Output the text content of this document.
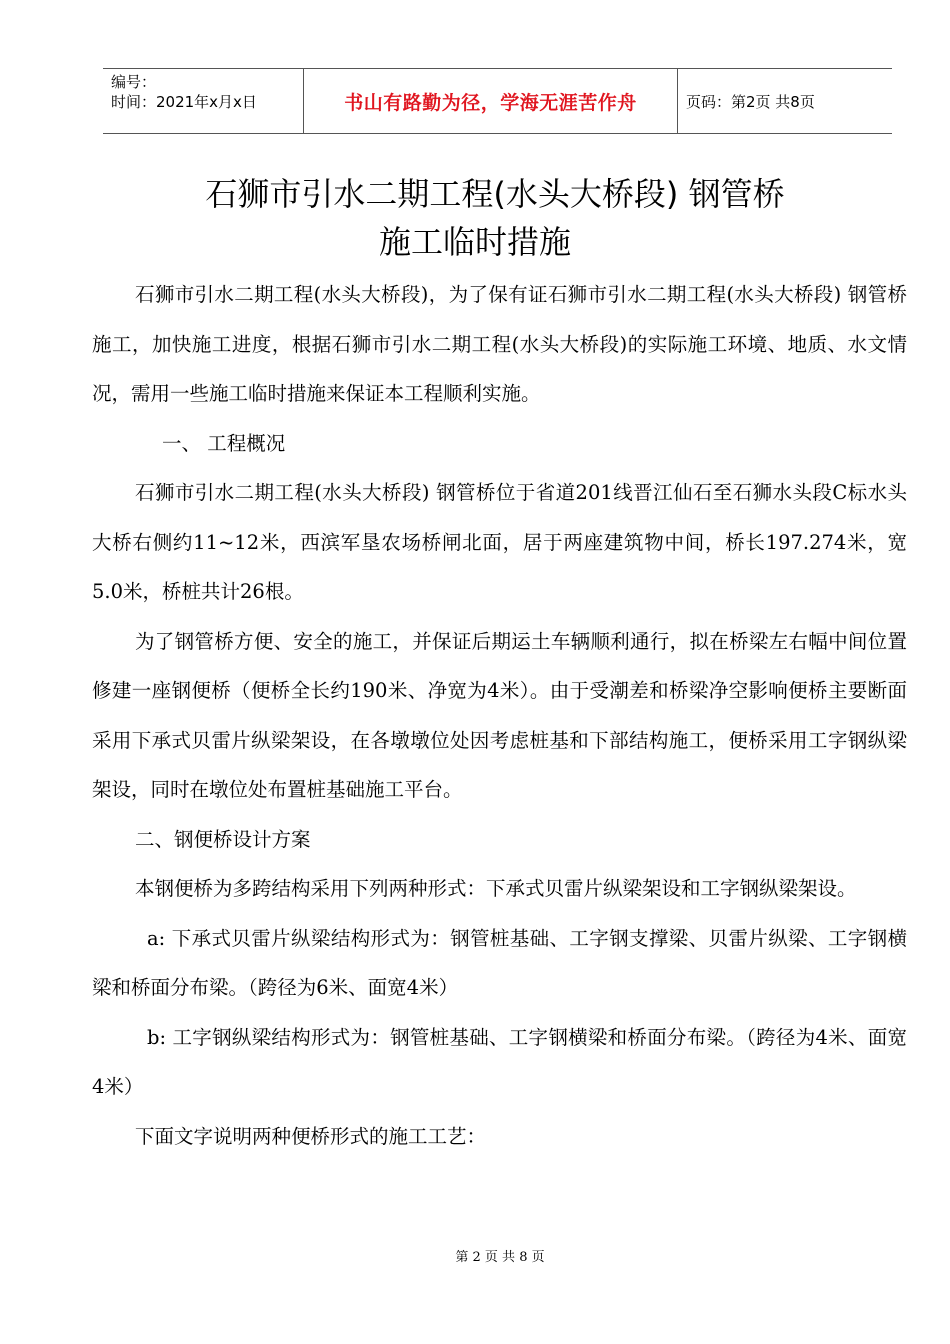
编号：
时间：2021年x月x日	书山有路勤为径，学海无涯苦作舟	页码：第2页 共8页
石狮市引水二期工程(水头大桥段) 钢管桥
施工临时措施

石狮市引水二期工程(水头大桥段)，为了保有证石狮市引水二期工程(水头大桥段) 钢管桥施工，加快施工进度，根据石狮市引水二期工程(水头大桥段)的实际施工环境、地质、水文情况，需用一些施工临时措施来保证本工程顺利实施。

一、 工程概况

石狮市引水二期工程(水头大桥段) 钢管桥位于省道201线晋江仙石至石狮水头段C标水头大桥右侧约11~12米，西滨军垦农场桥闸北面，居于两座建筑物中间，桥长197.274米，宽5.0米，桥桩共计26根。

为了钢管桥方便、安全的施工，并保证后期运土车辆顺利通行，拟在桥梁左右幅中间位置修建一座钢便桥（便桥全长约190米、净宽为4米）。由于受潮差和桥梁净空影响便桥主要断面采用下承式贝雷片纵梁架设，在各墩墩位处因考虑桩基和下部结构施工，便桥采用工字钢纵梁架设，同时在墩位处布置桩基础施工平台。

二、钢便桥设计方案

本钢便桥为多跨结构采用下列两种形式：下承式贝雷片纵梁架设和工字钢纵梁架设。

a: 下承式贝雷片纵梁结构形式为：钢管桩基础、工字钢支撑梁、贝雷片纵梁、工字钢横梁和桥面分布梁。（跨径为6米、面宽4米）

b: 工字钢纵梁结构形式为：钢管桩基础、工字钢横梁和桥面分布梁。（跨径为4米、面宽4米）

下面文字说明两种便桥形式的施工工艺：

第 2 页 共 8 页
